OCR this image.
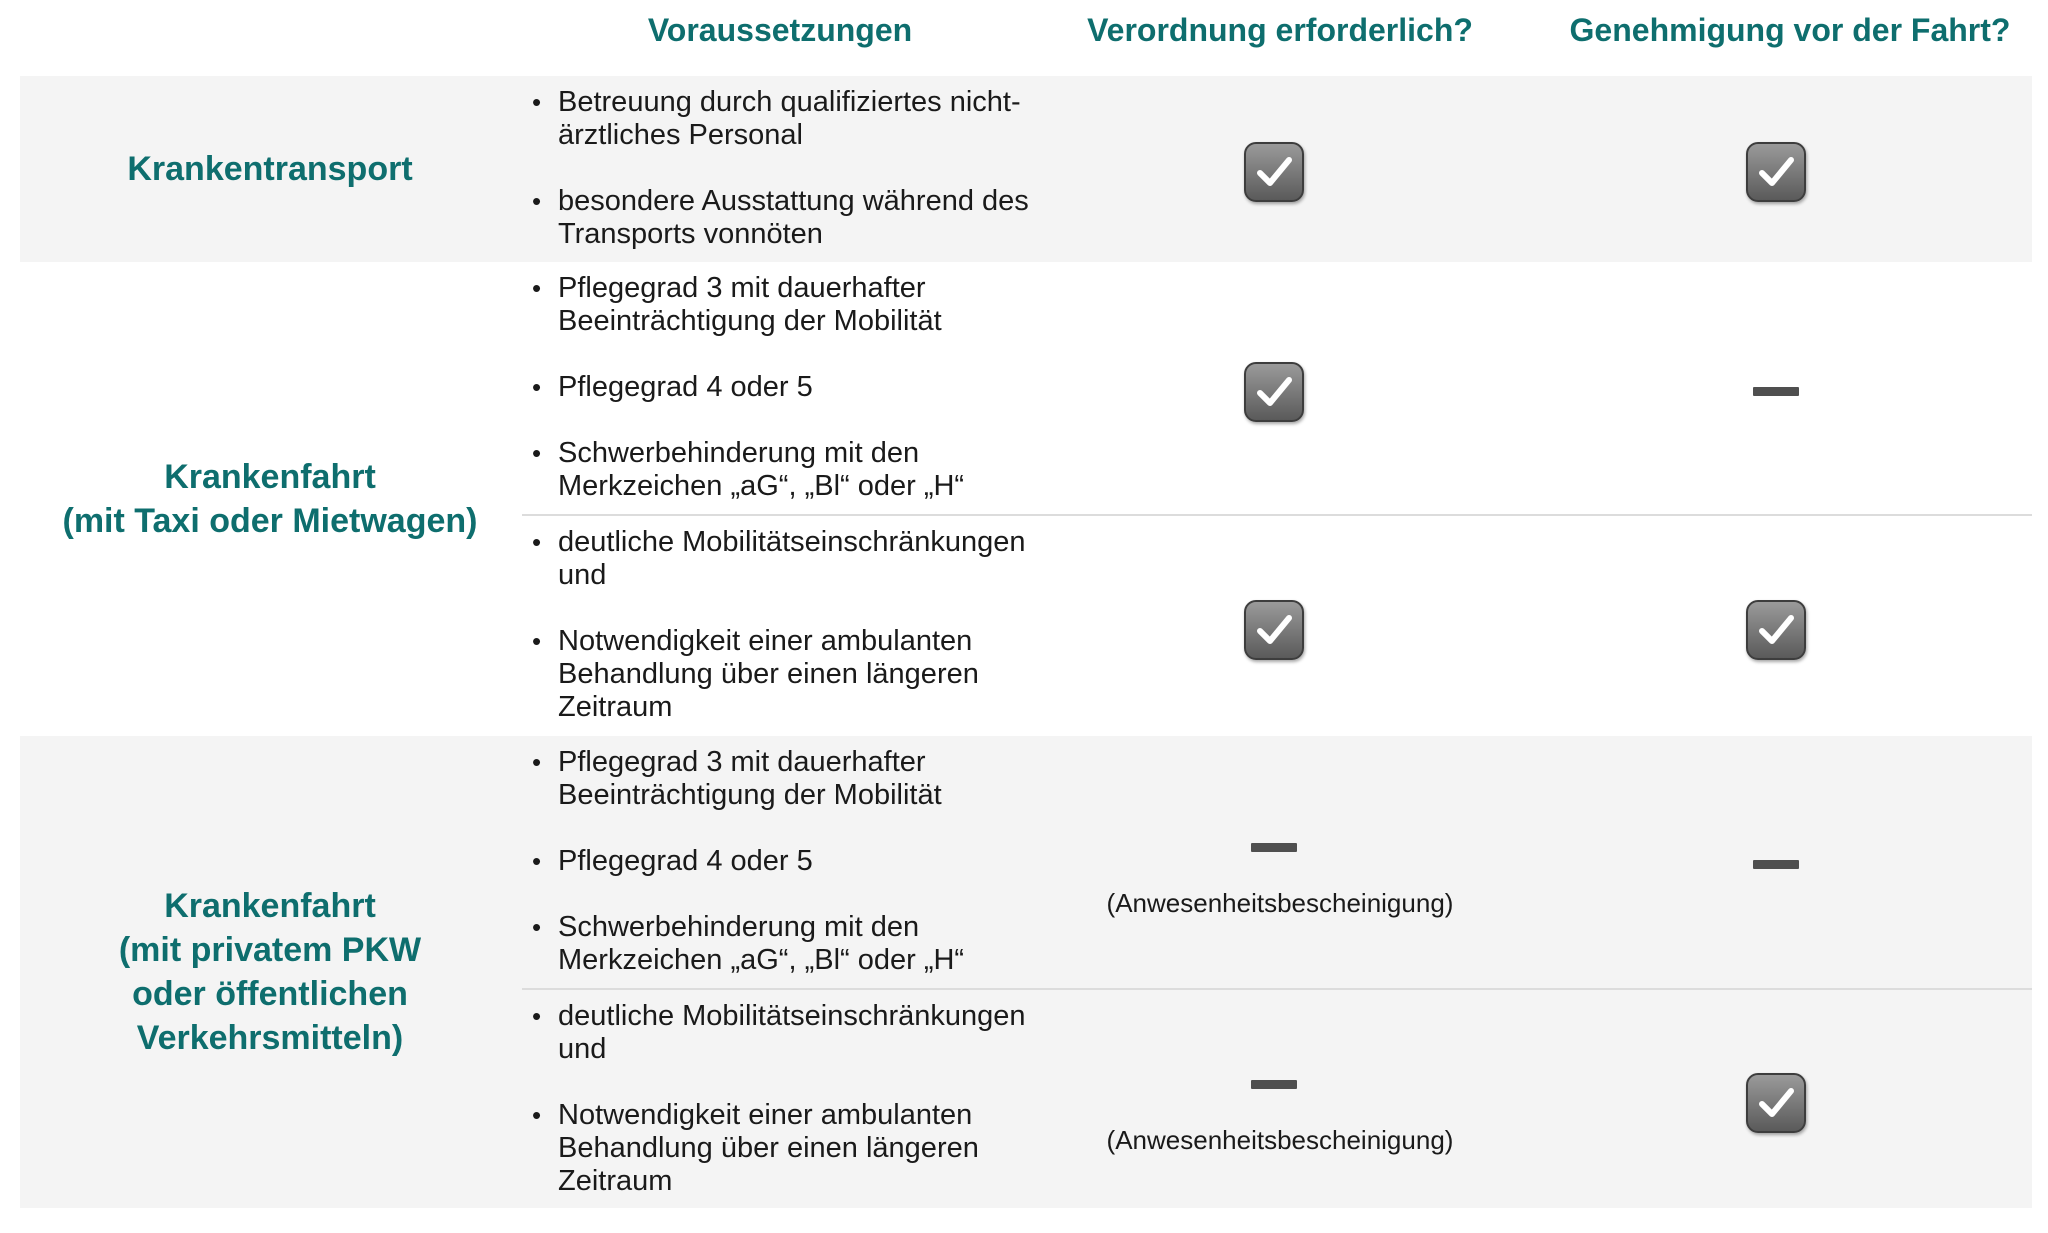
Voraussetzungen	Verordnung erforderlich?	Genehmigung vor der Fahrt?
Krankentransport
• Betreuung durch qualifiziertes nicht-ärztliches Personal
• besondere Ausstattung während des Transports vonnöten
Krankenfahrt
(mit Taxi oder Mietwagen)
• Pflegegrad 3 mit dauerhafter Beeinträchtigung der Mobilität
• Pflegegrad 4 oder 5
• Schwerbehinderung mit den Merkzeichen „aG“, „Bl“ oder „H“
• deutliche Mobilitätseinschränkungen und
• Notwendigkeit einer ambulanten Behandlung über einen längeren Zeitraum
Krankenfahrt
(mit privatem PKW
oder öffentlichen
Verkehrsmitteln)
• Pflegegrad 3 mit dauerhafter Beeinträchtigung der Mobilität
• Pflegegrad 4 oder 5
• Schwerbehinderung mit den Merkzeichen „aG“, „Bl“ oder „H“
(Anwesenheitsbescheinigung)
• deutliche Mobilitätseinschränkungen und
• Notwendigkeit einer ambulanten Behandlung über einen längeren Zeitraum
(Anwesenheitsbescheinigung)
